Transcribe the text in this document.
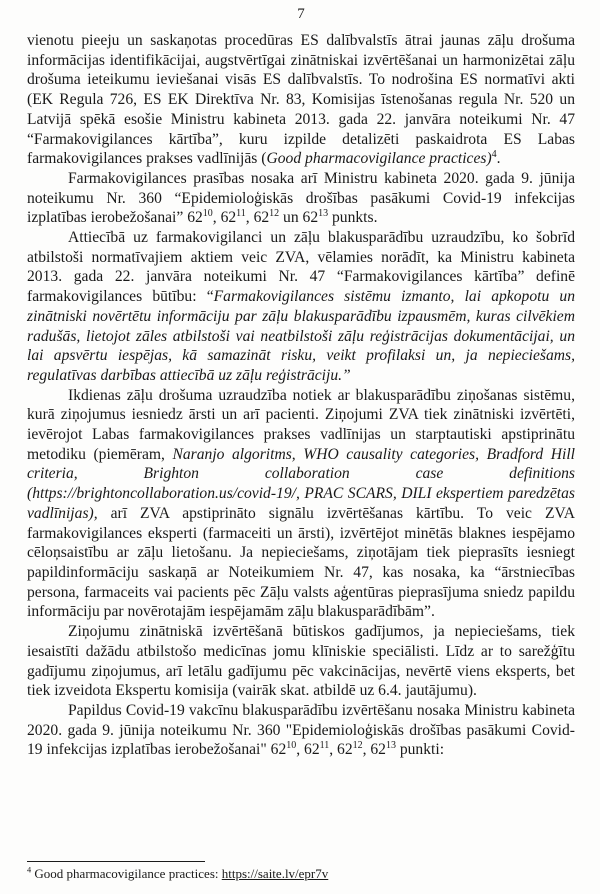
7

vienotu pieeju un saskaņotas procedūras ES dalībvalstīs ātrai jaunas zāļu drošuma informācijas identifikācijai, augstvērtīgai zinātniskai izvērtēšanai un harmonizētai zāļu drošuma ieteikumu ieviešanai visās ES dalībvalstīs. To nodrošina ES normatīvi akti (EK Regula 726, ES EK Direktīva Nr. 83, Komisijas īstenošanas regula Nr. 520 un Latvijā spēkā esošie Ministru kabineta 2013. gada 22. janvāra noteikumi Nr. 47 “Farmakovigilances kārtība”, kuru izpilde detalizēti paskaidrota ES Labas farmakovigilances prakses vadlīnijās (Good pharmacovigilance practices)$^4$.

Farmakovigilances prasības nosaka arī Ministru kabineta 2020. gada 9. jūnija noteikumu Nr. 360 “Epidemioloģiskās drošības pasākumi Covid-19 infekcijas izplatības ierobežošanai” $62^{10}$, $62^{11}$, $62^{12}$ un $62^{13}$ punkts.

Attiecībā uz farmakovigilanci un zāļu blakusparādību uzraudzību, ko šobrīd atbilstoši normatīvajiem aktiem veic ZVA, vēlamies norādīt, ka Ministru kabineta 2013. gada 22. janvāra noteikumi Nr. 47 “Farmakovigilances kārtība” definē farmakovigilances būtību: “Farmakovigilances sistēmu izmanto, lai apkopotu un zinātniski novērtētu informāciju par zāļu blakusparādību izpausmēm, kuras cilvēkiem radušās, lietojot zāles atbilstoši vai neatbilstoši zāļu reģistrācijas dokumentācijai, un lai apsvērtu iespējas, kā samazināt risku, veikt profilaksi un, ja nepieciešams, regulatīvas darbības attiecībā uz zāļu reģistrāciju.”

Ikdienas zāļu drošuma uzraudzība notiek ar blakusparādību ziņošanas sistēmu, kurā ziņojumus iesniedz ārsti un arī pacienti. Ziņojumi ZVA tiek zinātniski izvērtēti, ievērojot Labas farmakovigilances prakses vadlīnijas un starptautiski apstiprinātu metodiku (piemēram, Naranjo algoritms, WHO causality categories, Bradford Hill criteria, Brighton collaboration case definitions (https://brightoncollaboration.us/covid-19/, PRAC SCARS, DILI ekspertiem paredzētas vadlīnijas), arī ZVA apstiprināto signālu izvērtēšanas kārtību. To veic ZVA farmakovigilances eksperti (farmaceiti un ārsti), izvērtējot minētās blaknes iespējamo cēloņsaistību ar zāļu lietošanu. Ja nepieciešams, ziņotājam tiek pieprasīts iesniegt papildinformāciju saskaņā ar Noteikumiem Nr. 47, kas nosaka, ka “ārstniecības persona, farmaceits vai pacients pēc Zāļu valsts aģentūras pieprasījuma sniedz papildu informāciju par novērotajām iespējamām zāļu blakusparādībām”.

Ziņojumu zinātniskā izvērtēšanā būtiskos gadījumos, ja nepieciešams, tiek iesaistīti dažādu atbilstošo medicīnas jomu klīniskie speciālisti. Līdz ar to sarežģītu gadījumu ziņojumus, arī letālu gadījumu pēc vakcinācijas, nevērtē viens eksperts, bet tiek izveidota Ekspertu komisija (vairāk skat. atbildē uz 6.4. jautājumu).

Papildus Covid-19 vakcīnu blakusparādību izvērtēšanu nosaka Ministru kabineta 2020. gada 9. jūnija noteikumu Nr. 360 "Epidemioloģiskās drošības pasākumi Covid-19 infekcijas izplatības ierobežošanai" $62^{10}$, $62^{11}$, $62^{12}$, $62^{13}$ punkti:

$^4$ Good pharmacovigilance practices: https://saite.lv/epr7v
